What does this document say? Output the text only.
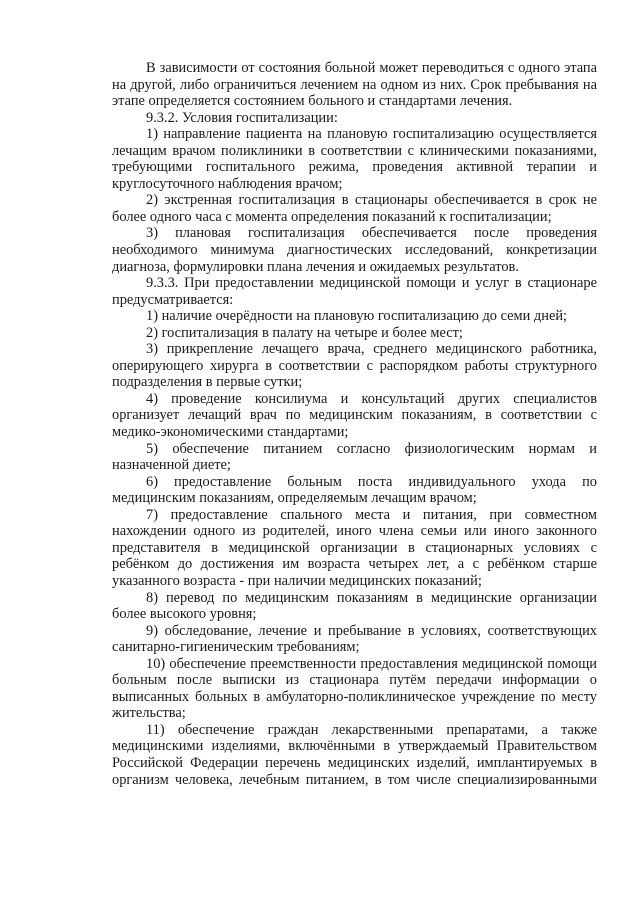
В зависимости от состояния больной может переводиться с одного этапа на другой, либо ограничиться лечением на одном из них. Срок пребывания на этапе определяется состоянием больного и стандартами лечения.

9.3.2. Условия госпитализации:

1) направление пациента на плановую госпитализацию осуществляется лечащим врачом поликлиники в соответствии с клиническими показаниями, требующими госпитального режима, проведения активной терапии и круглосуточного наблюдения врачом;

2) экстренная госпитализация в стационары обеспечивается в срок не более одного часа с момента определения показаний к госпитализации;

3) плановая госпитализация обеспечивается после проведения необходимого минимума диагностических исследований, конкретизации диагноза, формулировки плана лечения и ожидаемых результатов.

9.3.3. При предоставлении медицинской помощи и услуг в стационаре предусматривается:

1) наличие очерёдности на плановую госпитализацию до семи дней;

2) госпитализация в палату на четыре и более мест;

3) прикрепление лечащего врача, среднего медицинского работника, оперирующего хирурга в соответствии с распорядком работы структурного подразделения в первые сутки;

4) проведение консилиума и консультаций других специалистов организует лечащий врач по медицинским показаниям, в соответствии с медико-экономическими стандартами;

5) обеспечение питанием согласно физиологическим нормам и назначенной диете;

6) предоставление больным поста индивидуального ухода по медицинским показаниям, определяемым лечащим врачом;

7) предоставление спального места и питания, при совместном нахождении одного из родителей, иного члена семьи или иного законного представителя в медицинской организации в стационарных условиях с ребёнком до достижения им возраста четырех лет, а с ребёнком старше указанного возраста - при наличии медицинских показаний;

8) перевод по медицинским показаниям в медицинские организации более высокого уровня;

9) обследование, лечение и пребывание в условиях, соответствующих санитарно-гигиеническим требованиям;

10) обеспечение преемственности предоставления медицинской помощи больным после выписки из стационара путём передачи информации о выписанных больных в амбулаторно-поликлиническое учреждение по месту жительства;

11) обеспечение граждан лекарственными препаратами, а также медицинскими изделиями, включёнными в утверждаемый Правительством Российской Федерации перечень медицинских изделий, имплантируемых в организм человека, лечебным питанием, в том числе специализированными
